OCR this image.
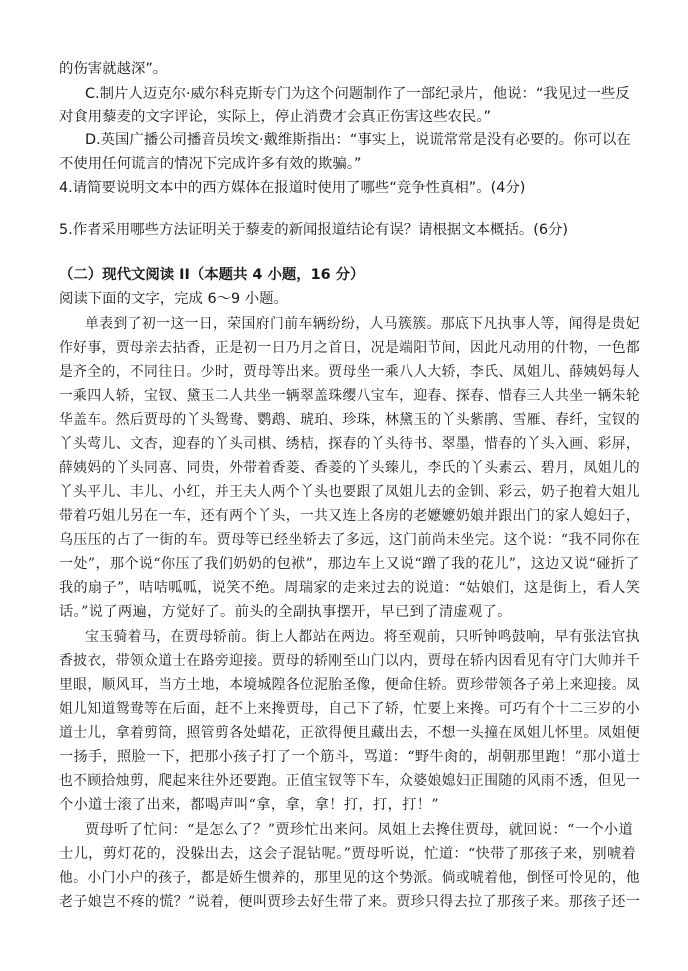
的伤害就越深”。
C.制片人迈克尔·威尔科克斯专门为这个问题制作了一部纪录片，他说：“我见过一些反
对食用藜麦的文字评论，实际上，停止消费才会真正伤害这些农民。”
D.英国广播公司播音员埃文·戴维斯指出：“事实上，说谎常常是没有必要的。你可以在
不使用任何谎言的情况下完成许多有效的欺骗。”
4.请简要说明文本中的西方媒体在报道时使用了哪些“竞争性真相”。(4分)
5.作者采用哪些方法证明关于藜麦的新闻报道结论有误？请根据文本概括。(6分)
（二）现代文阅读 II（本题共 4 小题，16 分）
阅读下面的文字，完成 6～9 小题。
单表到了初一这一日，荣国府门前车辆纷纷，人马簇簇。那底下凡执事人等，闻得是贵妃
作好事，贾母亲去拈香，正是初一日乃月之首日，况是端阳节间，因此凡动用的什物，一色都
是齐全的，不同往日。少时，贾母等出来。贾母坐一乘八人大轿，李氏、凤姐儿、薛姨妈每人
一乘四人轿，宝钗、黛玉二人共坐一辆翠盖珠缨八宝车，迎春、探春、惜春三人共坐一辆朱轮
华盖车。然后贾母的丫头鸳鸯、鹦鹉、琥珀、珍珠，林黛玉的丫头紫鹃、雪雁、春纤，宝钗的
丫头莺儿、文杏，迎春的丫头司棋、绣桔，探春的丫头待书、翠墨，惜春的丫头入画、彩屏，
薛姨妈的丫头同喜、同贵，外带着香菱、香菱的丫头臻儿，李氏的丫头素云、碧月，凤姐儿的
丫头平儿、丰儿、小红，并王夫人两个丫头也要跟了凤姐儿去的金钏、彩云，奶子抱着大姐儿
带着巧姐儿另在一车，还有两个丫头，一共又连上各房的老嬷嬷奶娘并跟出门的家人媳妇子，
乌压压的占了一街的车。贾母等已经坐轿去了多远，这门前尚未坐完。这个说：“我不同你在
一处”，那个说“你压了我们奶奶的包袱”，那边车上又说“蹭了我的花儿”，这边又说“碰折了
我的扇子”，咭咭呱呱，说笑不绝。周瑞家的走来过去的说道：“姑娘们，这是街上，看人笑
话。”说了两遍，方觉好了。前头的全副执事摆开，早已到了清虚观了。
宝玉骑着马，在贾母轿前。街上人都站在两边。将至观前，只听钟鸣鼓响，早有张法官执
香披衣，带领众道士在路旁迎接。贾母的轿刚至山门以内，贾母在轿内因看见有守门大帅并千
里眼，顺风耳，当方土地，本境城隍各位泥胎圣像，便命住轿。贾珍带领各子弟上来迎接。凤
姐儿知道鸳鸯等在后面，赶不上来搀贾母，自己下了轿，忙要上来搀。可巧有个十二三岁的小
道士儿，拿着剪筒，照管剪各处蜡花，正欲得便且藏出去，不想一头撞在凤姐儿怀里。凤姐便
一扬手，照脸一下，把那小孩子打了一个筋斗，骂道：“野牛肏的，胡朝那里跑！”那小道士
也不顾拾烛剪，爬起来往外还要跑。正值宝钗等下车，众婆娘媳妇正围随的风雨不透，但见一
个小道士滚了出来，都喝声叫“拿，拿，拿！打，打，打！”
贾母听了忙问：“是怎么了？”贾珍忙出来问。凤姐上去搀住贾母，就回说：“一个小道
士儿，剪灯花的，没躲出去，这会子混钻呢。”贾母听说，忙道：“快带了那孩子来，别唬着
他。小门小户的孩子，都是娇生惯养的，那里见的这个势派。倘或唬着他，倒怪可怜见的，他
老子娘岂不疼的慌？”说着，便叫贾珍去好生带了来。贾珍只得去拉了那孩子来。那孩子还一
